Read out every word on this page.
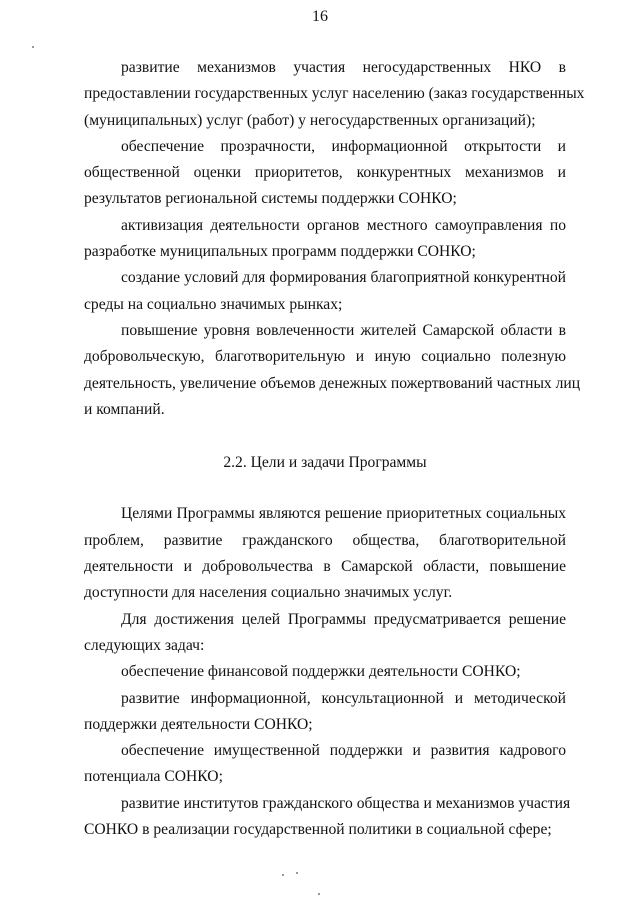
16
развитие механизмов участия негосударственных НКО в
предоставлении государственных услуг населению (заказ государственных
(муниципальных) услуг (работ) у негосударственных организаций);
обеспечение прозрачности, информационной открытости и
общественной оценки приоритетов, конкурентных механизмов и
результатов региональной системы поддержки СОНКО;
активизация деятельности органов местного самоуправления по
разработке муниципальных программ поддержки СОНКО;
создание условий для формирования благоприятной конкурентной
среды на социально значимых рынках;
повышение уровня вовлеченности жителей Самарской области в
добровольческую, благотворительную и иную социально полезную
деятельность, увеличение объемов денежных пожертвований частных лиц
и компаний.
2.2. Цели и задачи Программы
Целями Программы являются решение приоритетных социальных
проблем, развитие гражданского общества, благотворительной
деятельности и добровольчества в Самарской области, повышение
доступности для населения социально значимых услуг.
Для достижения целей Программы предусматривается решение
следующих задач:
обеспечение финансовой поддержки деятельности СОНКО;
развитие информационной, консультационной и методической
поддержки деятельности СОНКО;
обеспечение имущественной поддержки и развития кадрового
потенциала СОНКО;
развитие институтов гражданского общества и механизмов участия
СОНКО в реализации государственной политики в социальной сфере;
